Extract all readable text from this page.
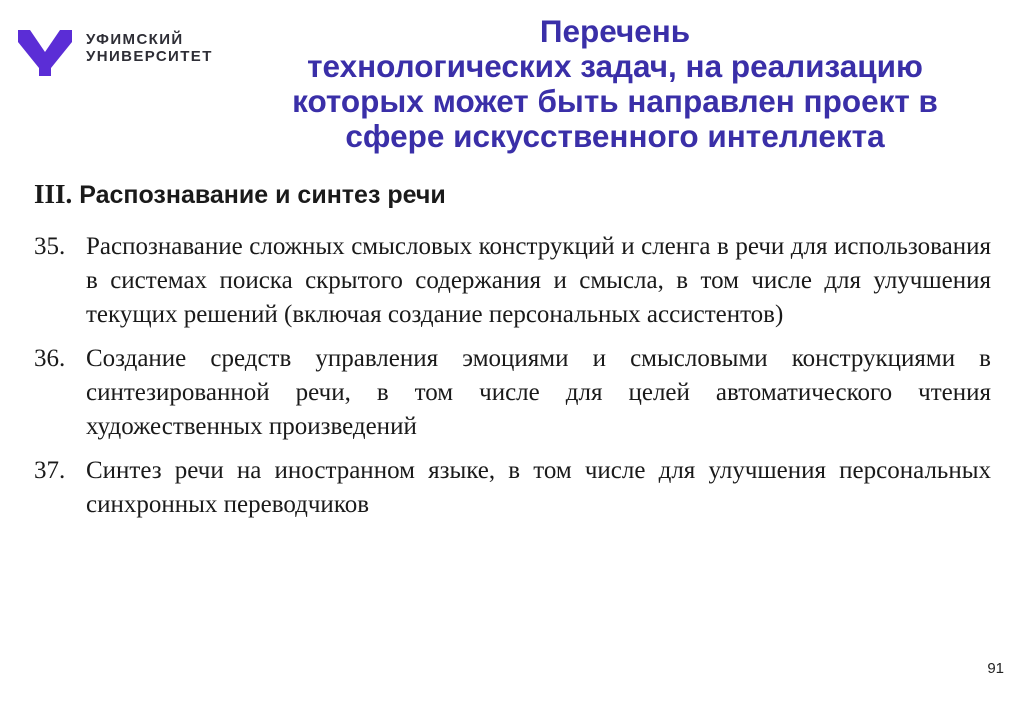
УФИМСКИЙ
УНИВЕРСИТЕТ
Перечень
технологических задач, на реализацию
которых может быть направлен проект в
сфере искусственного интеллекта
III. Распознавание и синтез речи
35. Распознавание сложных смысловых конструкций и сленга в речи для использования в системах поиска скрытого содержания и смысла, в том числе для улучшения текущих решений (включая создание персональных ассистентов)
36. Создание средств управления эмоциями и смысловыми конструкциями в синтезированной речи, в том числе для целей автоматического чтения художественных произведений
37. Синтез речи на иностранном языке, в том числе для улучшения персональных синхронных переводчиков
91
